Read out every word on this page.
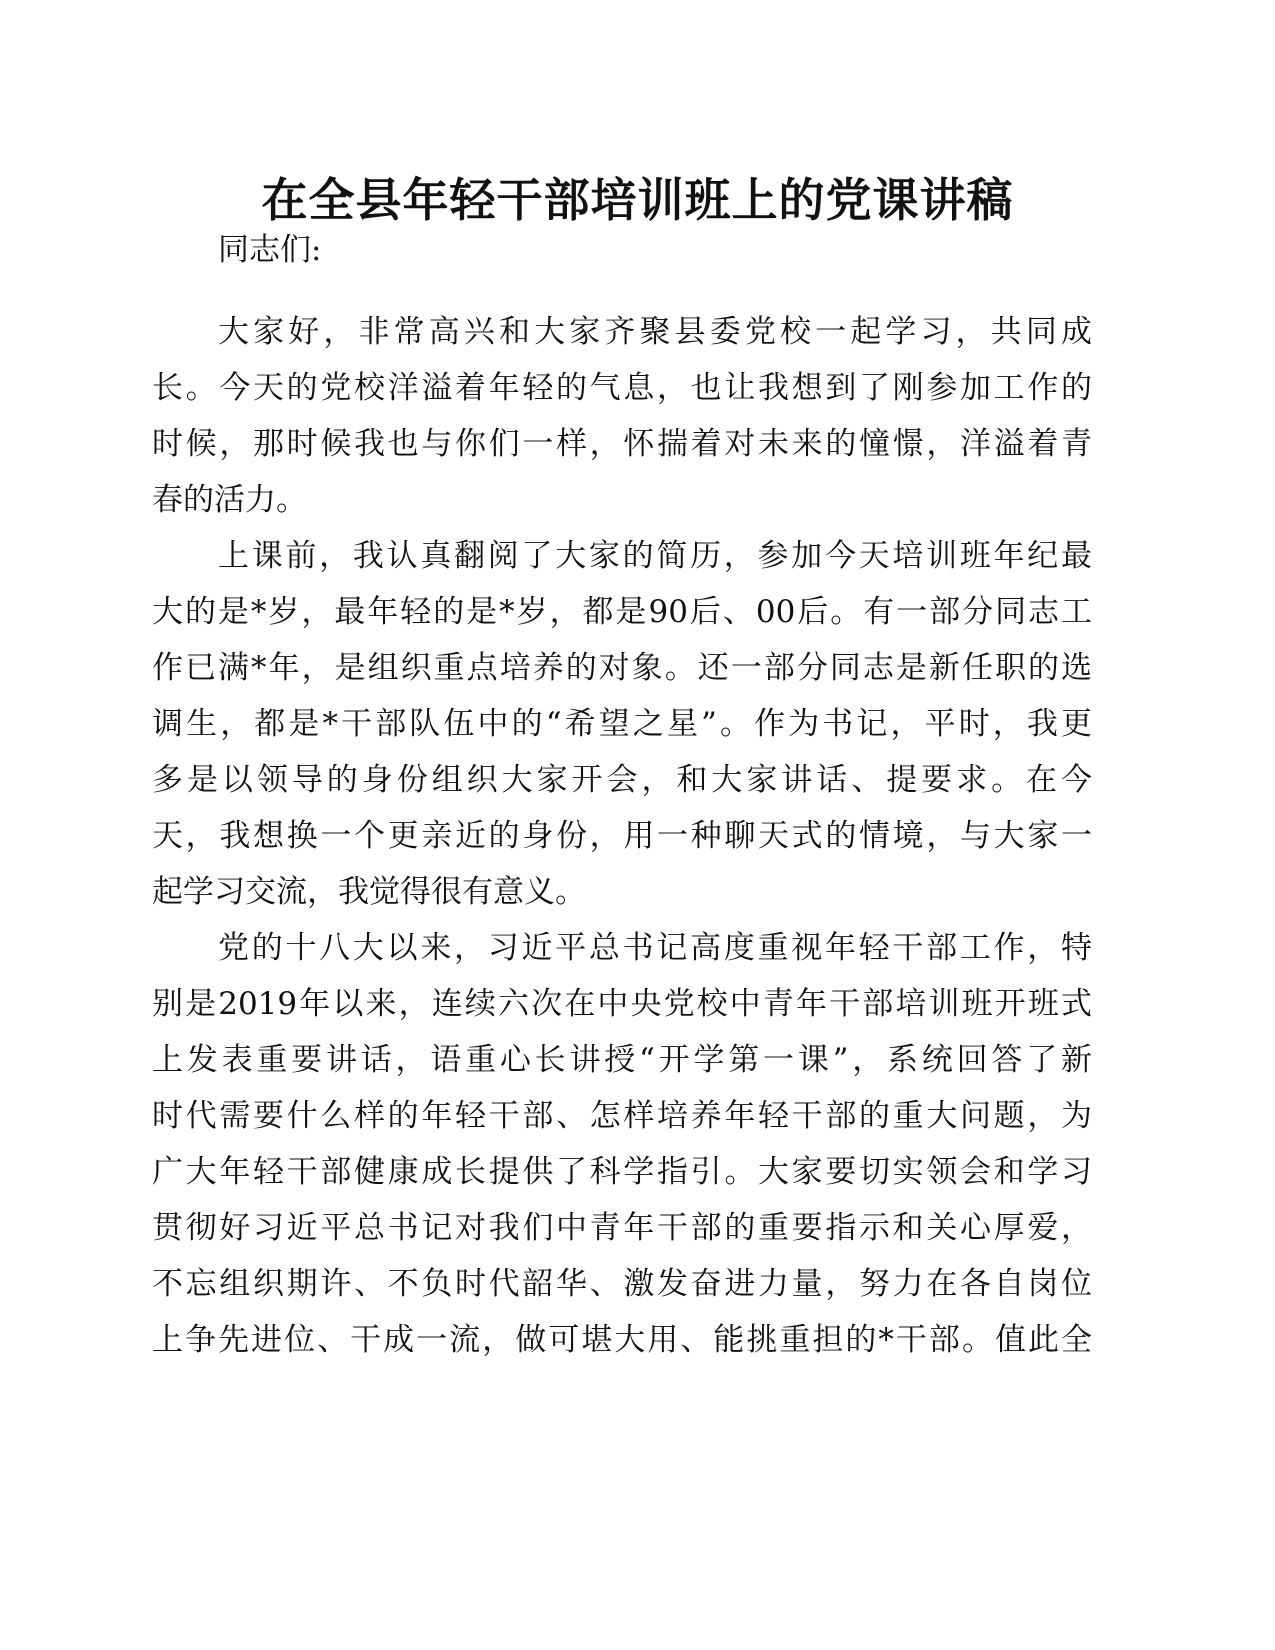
在全县年轻干部培训班上的党课讲稿

同志们:

大家好，非常高兴和大家齐聚县委党校一起学习，共同成

长。今天的党校洋溢着年轻的气息，也让我想到了刚参加工作的

时候，那时候我也与你们一样，怀揣着对未来的憧憬，洋溢着青

春的活力。

上课前，我认真翻阅了大家的简历，参加今天培训班年纪最

大的是*岁，最年轻的是*岁，都是90后、00后。有一部分同志工

作已满*年，是组织重点培养的对象。还一部分同志是新任职的选

调生，都是*干部队伍中的“希望之星”。作为书记，平时，我更

多是以领导的身份组织大家开会，和大家讲话、提要求。在今

天，我想换一个更亲近的身份，用一种聊天式的情境，与大家一

起学习交流，我觉得很有意义。

党的十八大以来，习近平总书记高度重视年轻干部工作，特

别是2019年以来，连续六次在中央党校中青年干部培训班开班式

上发表重要讲话，语重心长讲授“开学第一课”，系统回答了新

时代需要什么样的年轻干部、怎样培养年轻干部的重大问题，为

广大年轻干部健康成长提供了科学指引。大家要切实领会和学习

贯彻好习近平总书记对我们中青年干部的重要指示和关心厚爱，

不忘组织期许、不负时代韶华、激发奋进力量，努力在各自岗位

上争先进位、干成一流，做可堪大用、能挑重担的*干部。值此全
